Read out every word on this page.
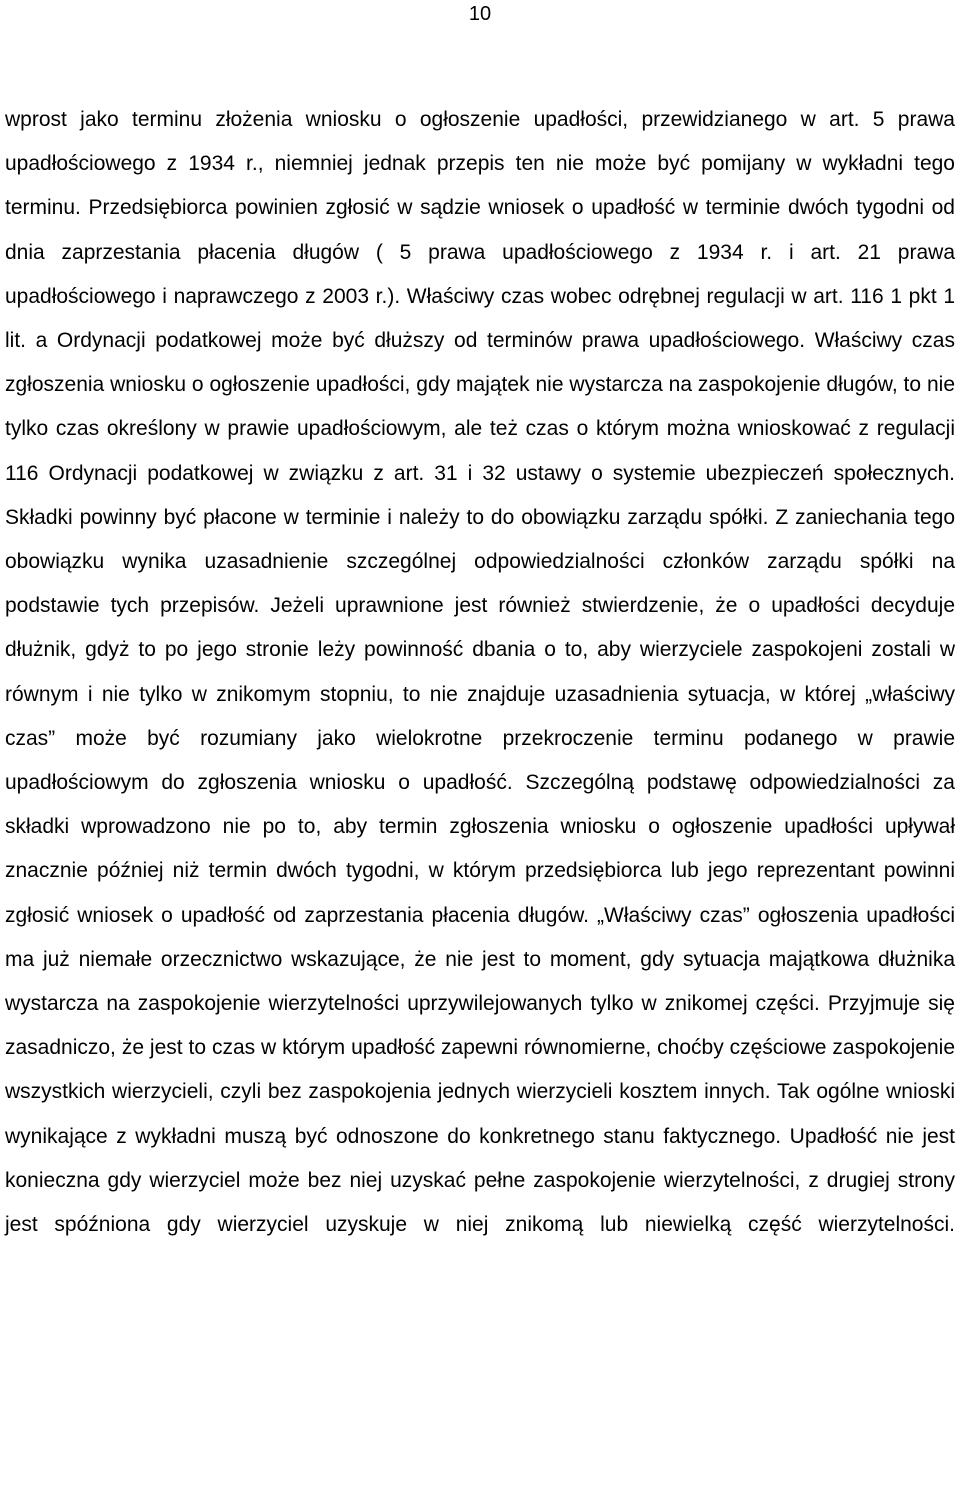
10

wprost jako terminu złożenia wniosku o ogłoszenie upadłości, przewidzianego w art. 5 prawa upadłościowego z 1934 r., niemniej jednak przepis ten nie może być pomijany w wykładni tego terminu. Przedsiębiorca powinien zgłosić w sądzie wniosek o upadłość w terminie dwóch tygodni od dnia zaprzestania płacenia długów ( 5 prawa upadłościowego z 1934 r. i art. 21 prawa upadłościowego i naprawczego z 2003 r.). Właściwy czas wobec odrębnej regulacji w art. 116 1 pkt 1 lit. a Ordynacji podatkowej może być dłuższy od terminów prawa upadłościowego. Właściwy czas zgłoszenia wniosku o ogłoszenie upadłości, gdy majątek nie wystarcza na zaspokojenie długów, to nie tylko czas określony w prawie upadłościowym, ale też czas o którym można wnioskować z regulacji 116 Ordynacji podatkowej w związku z art. 31 i 32 ustawy o systemie ubezpieczeń społecznych. Składki powinny być płacone w terminie i należy to do obowiązku zarządu spółki. Z zaniechania tego obowiązku wynika uzasadnienie szczególnej odpowiedzialności członków zarządu spółki na podstawie tych przepisów. Jeżeli uprawnione jest również stwierdzenie, że o upadłości decyduje dłużnik, gdyż to po jego stronie leży powinność dbania o to, aby wierzyciele zaspokojeni zostali w równym i nie tylko w znikomym stopniu, to nie znajduje uzasadnienia sytuacja, w której „właściwy czas” może być rozumiany jako wielokrotne przekroczenie terminu podanego w prawie upadłościowym do zgłoszenia wniosku o upadłość. Szczególną podstawę odpowiedzialności za składki wprowadzono nie po to, aby termin zgłoszenia wniosku o ogłoszenie upadłości upływał znacznie później niż termin dwóch tygodni, w którym przedsiębiorca lub jego reprezentant powinni zgłosić wniosek o upadłość od zaprzestania płacenia długów. „Właściwy czas” ogłoszenia upadłości ma już niemałe orzecznictwo wskazujące, że nie jest to moment, gdy sytuacja majątkowa dłużnika wystarcza na zaspokojenie wierzytelności uprzywilejowanych tylko w znikomej części. Przyjmuje się zasadniczo, że jest to czas w którym upadłość zapewni równomierne, choćby częściowe zaspokojenie wszystkich wierzycieli, czyli bez zaspokojenia jednych wierzycieli kosztem innych. Tak ogólne wnioski wynikające z wykładni muszą być odnoszone do konkretnego stanu faktycznego. Upadłość nie jest konieczna gdy wierzyciel może bez niej uzyskać pełne zaspokojenie wierzytelności, z drugiej strony jest spóźniona gdy wierzyciel uzyskuje w niej znikomą lub niewielką część wierzytelności.
